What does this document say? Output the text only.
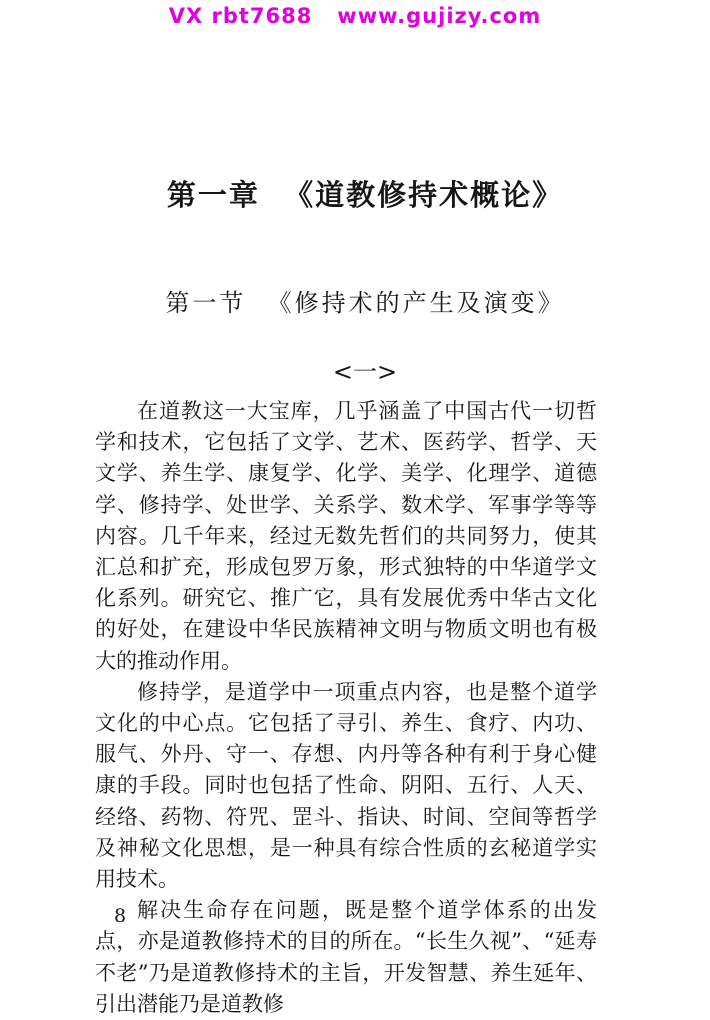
VX rbt7688   www.gujizy.com
第一章  《道教修持术概论》
第一节  《修持术的产生及演变》
<一>

在道教这一大宝库，几乎涵盖了中国古代一切哲学和技术，它包括了文学、艺术、医药学、哲学、天文学、养生学、康复学、化学、美学、化理学、道德学、修持学、处世学、关系学、数术学、军事学等等内容。几千年来，经过无数先哲们的共同努力，使其汇总和扩充，形成包罗万象，形式独特的中华道学文化系列。研究它、推广它，具有发展优秀中华古文化的好处，在建设中华民族精神文明与物质文明也有极大的推动作用。

修持学，是道学中一项重点内容，也是整个道学文化的中心点。它包括了寻引、养生、食疗、内功、服气、外丹、守一、存想、内丹等各种有利于身心健康的手段。同时也包括了性命、阴阳、五行、人天、经络、药物、符咒、罡斗、指诀、时间、空间等哲学及神秘文化思想，是一种具有综合性质的玄秘道学实用技术。

解决生命存在问题，既是整个道学体系的出发点，亦是道教修持术的目的所在。“长生久视”、“延寿不老”乃是道教修持术的主旨，开发智慧、养生延年、引出潜能乃是道教修

8
